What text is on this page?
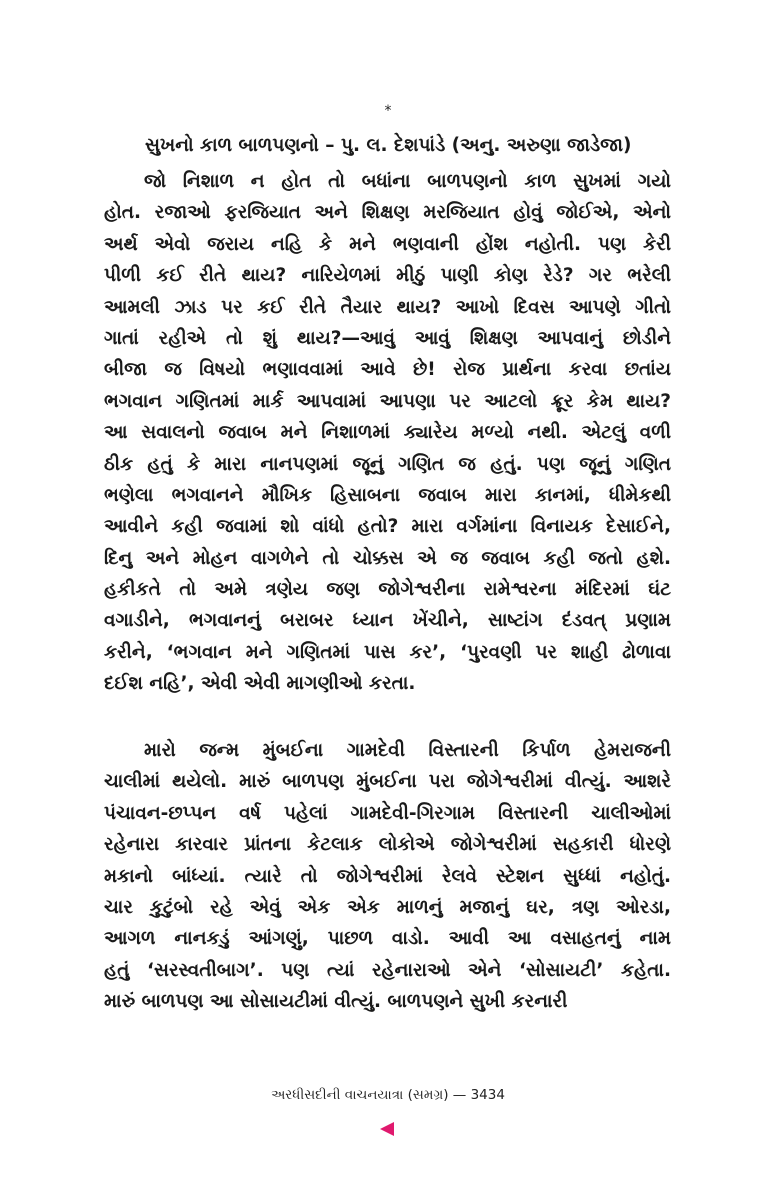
*
સુખનો કાળ બાળપણનો – પુ. લ. દેશપાંડે (અનુ. અરુણા જાડેજા)
જો નિશાળ ન હોત તો બધાંના બાળપણનો કાળ સુખમાં ગયો
હોત. રજાઓ ફરજિયાત અને શિક્ષણ મરજિયાત હોવું જોઈએ, એનો
અર્થ એવો જરાય નહિ કે મને ભણવાની હોંશ નહોતી. પણ કેરી
પીળી કઈ રીતે થાય? નારિયેળમાં મીઠું પાણી કોણ રેડે? ગર ભરેલી
આમલી ઝાડ પર કઈ રીતે તૈયાર થાય? આખો દિવસ આપણે ગીતો
ગાતાં રહીએ તો શું થાય?—આવું આવું શિક્ષણ આપવાનું છોડીને
બીજા જ વિષયો ભણાવવામાં આવે છે! રોજ પ્રાર્થના કરવા છતાંય
ભગવાન ગણિતમાં માર્ક આપવામાં આપણા પર આટલો ક્રૂર કેમ થાય?
આ સવાલનો જવાબ મને નિશાળમાં ક્યારેય મળ્યો નથી. એટલું વળી
ઠીક હતું કે મારા નાનપણમાં જૂનું ગણિત જ હતું. પણ જૂનું ગણિત
ભણેલા ભગવાનને મૌખિક હિસાબના જવાબ મારા કાનમાં, ધીમેકથી
આવીને કહી જવામાં શો વાંધો હતો? મારા વર્ગમાંના વિનાયક દેસાઈને,
દિનુ અને મોહન વાગળેને તો ચોક્કસ એ જ જવાબ કહી જતો હશે.
હકીકતે તો અમે ત્રણેય જણ જોગેશ્વરીના રામેશ્વરના મંદિરમાં ઘંટ
વગાડીને, ભગવાનનું બરાબર ધ્યાન ખેંચીને, સાષ્ટાંગ દંડવત્ પ્રણામ
કરીને, ‘ભગવાન મને ગણિતમાં પાસ કર’, ‘પુરવણી પર શાહી ઢોળાવા
દઈશ નહિ’, એવી એવી માગણીઓ કરતા.
મારો જન્મ મુંબઈના ગામદેવી વિસ્તારની કિર્પાળ હેમરાજની
ચાલીમાં થયેલો. મારું બાળપણ મુંબઈના પરા જોગેશ્વરીમાં વીત્યું. આશરે
પંચાવન-છપ્પન વર્ષ પહેલાં ગામદેવી-ગિરગામ વિસ્તારની ચાલીઓમાં
રહેનારા કારવાર પ્રાંતના કેટલાક લોકોએ જોગેશ્વરીમાં સહકારી ધોરણે
મકાનો બાંધ્યાં. ત્યારે તો જોગેશ્વરીમાં રેલવે સ્ટેશન સુધ્ધાં નહોતું.
ચાર કુટુંબો રહે એવું એક એક માળનું મજાનું ઘર, ત્રણ ઓરડા,
આગળ નાનકડું આંગણું, પાછળ વાડો. આવી આ વસાહતનું નામ
હતું ‘સરસ્વતીબાગ’. પણ ત્યાં રહેનારાઓ એને ‘સોસાયટી’ કહેતા.
મારું બાળપણ આ સોસાયટીમાં વીત્યું. બાળપણને સુખી કરનારી
અરધીસદીની વાચનયાત્રા (સમગ્ર) — 3434
